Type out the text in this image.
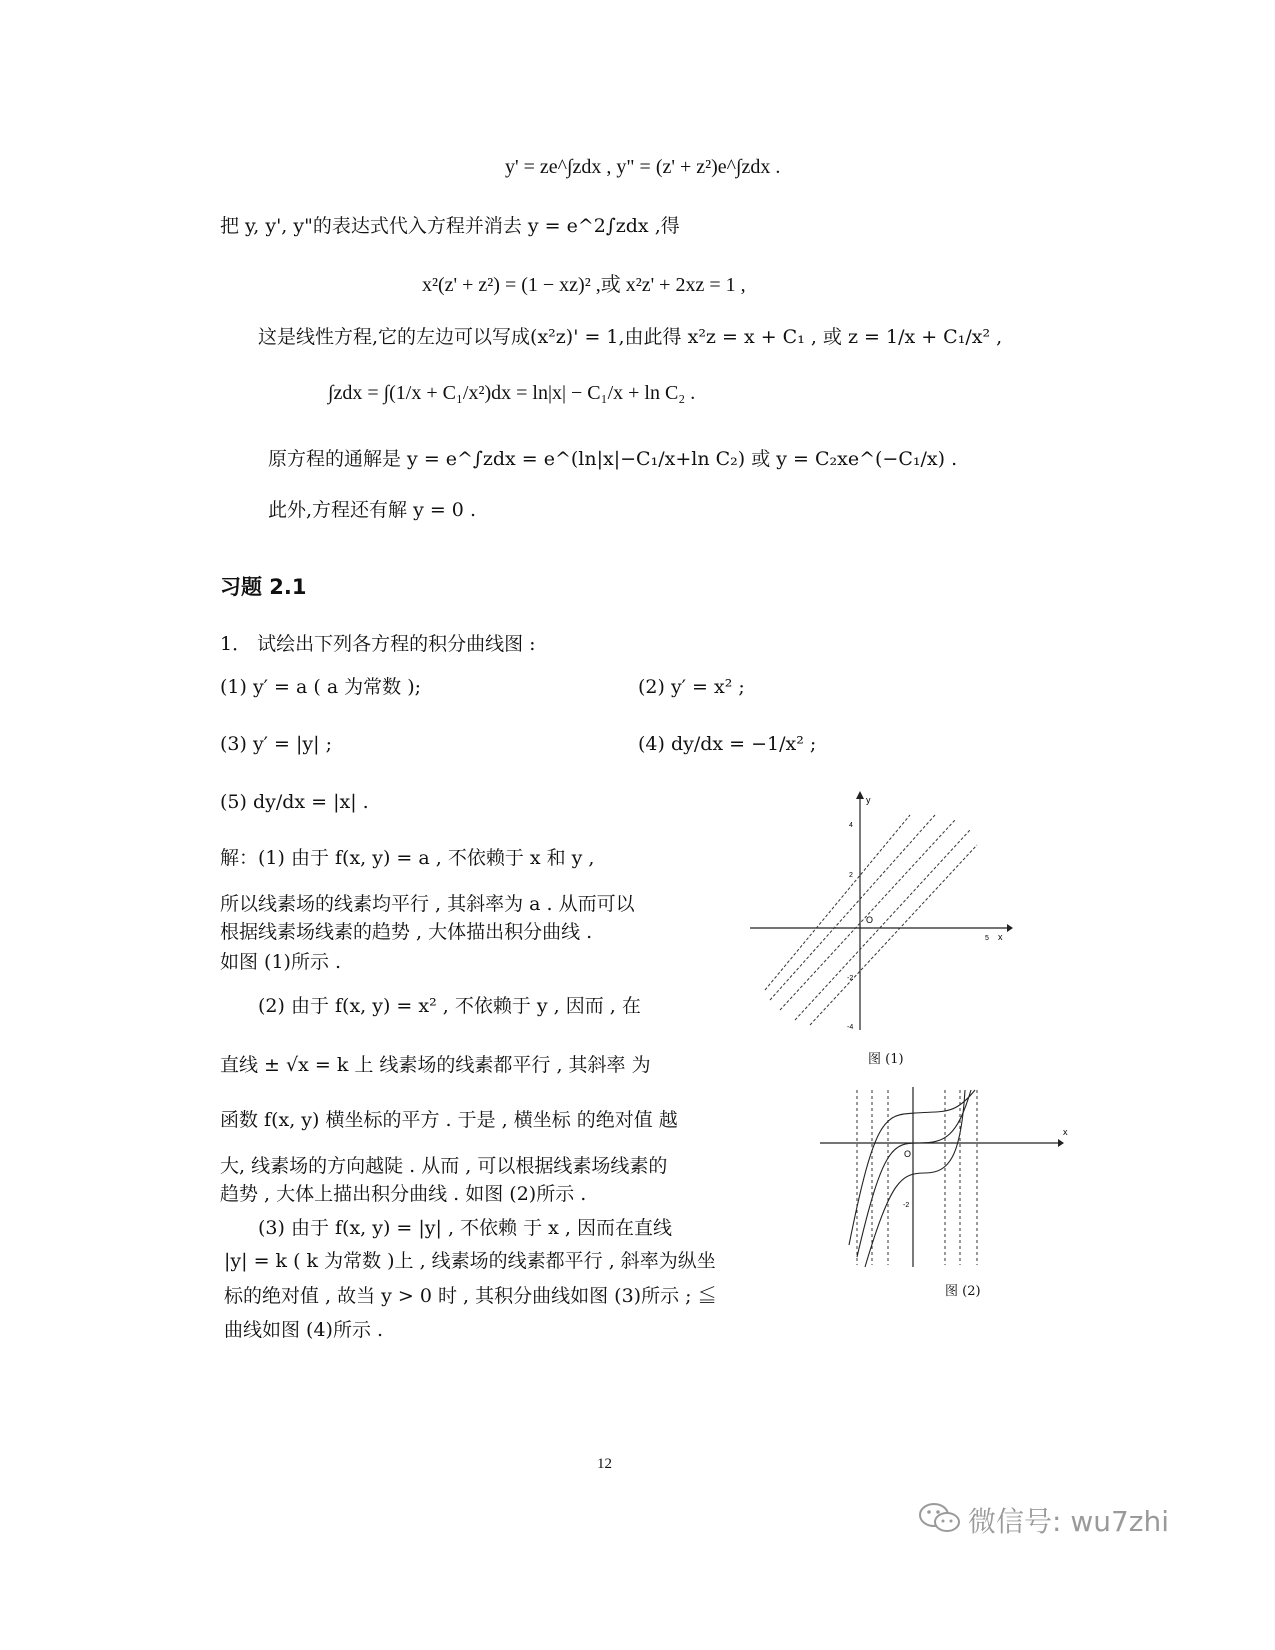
y' = ze^∫zdx , y" = (z' + z²)e^∫zdx .
把 y, y', y"的表达式代入方程并消去 y = e^2∫zdx ,得
x²(z' + z²) = (1 − xz)² ,或 x²z' + 2xz = 1 ,
这是线性方程,它的左边可以写成(x²z)' = 1,由此得 x²z = x + C₁ , 或 z = 1/x + C₁/x² ,
∫zdx = ∫(1/x + C₁/x²)dx = ln|x| − C₁/x + ln C₂ .
原方程的通解是 y = e^∫zdx = e^(ln|x|−C₁/x+ln C₂) 或 y = C₂xe^(−C₁/x) .
此外,方程还有解 y = 0 .
习题 2.1
1． 试绘出下列各方程的积分曲线图 :
(1) y′ = a ( a 为常数 );	(2) y′ = x² ;
(3) y′ = |y| ;	(4) dy/dx = −1/x² ;
(5) dy/dx = |x| .
解：(1) 由于 f(x, y) = a , 不依赖于 x 和 y ,
所以线素场的线素均平行 , 其斜率为 a . 从而可以
根据线素场线素的趋势 , 大体描出积分曲线 .
如图 (1)所示 .
(2) 由于 f(x, y) = x² , 不依赖于 y , 因而 , 在
直线 ± √x = k 上 线素场的线素都平行 , 其斜率 为
函数 f(x, y) 横坐标的平方 . 于是 , 横坐标 的绝对值 越
大, 线素场的方向越陡 . 从而 , 可以根据线素场线素的
趋势 , 大体上描出积分曲线 . 如图 (2)所示 .
(3) 由于 f(x, y) = |y| , 不依赖 于 x , 因而在直线
|y| = k ( k 为常数 )上 , 线素场的线素都平行 , 斜率为纵坐
标的绝对值 , 故当 y > 0 时 , 其积分曲线如图 (3)所示 ; ≦
曲线如图 (4)所示 .
y
x
O
4
2
-2
-4
5
图 (1)
x
O
-2
图 (2)
12
微信号: wu7zhi
